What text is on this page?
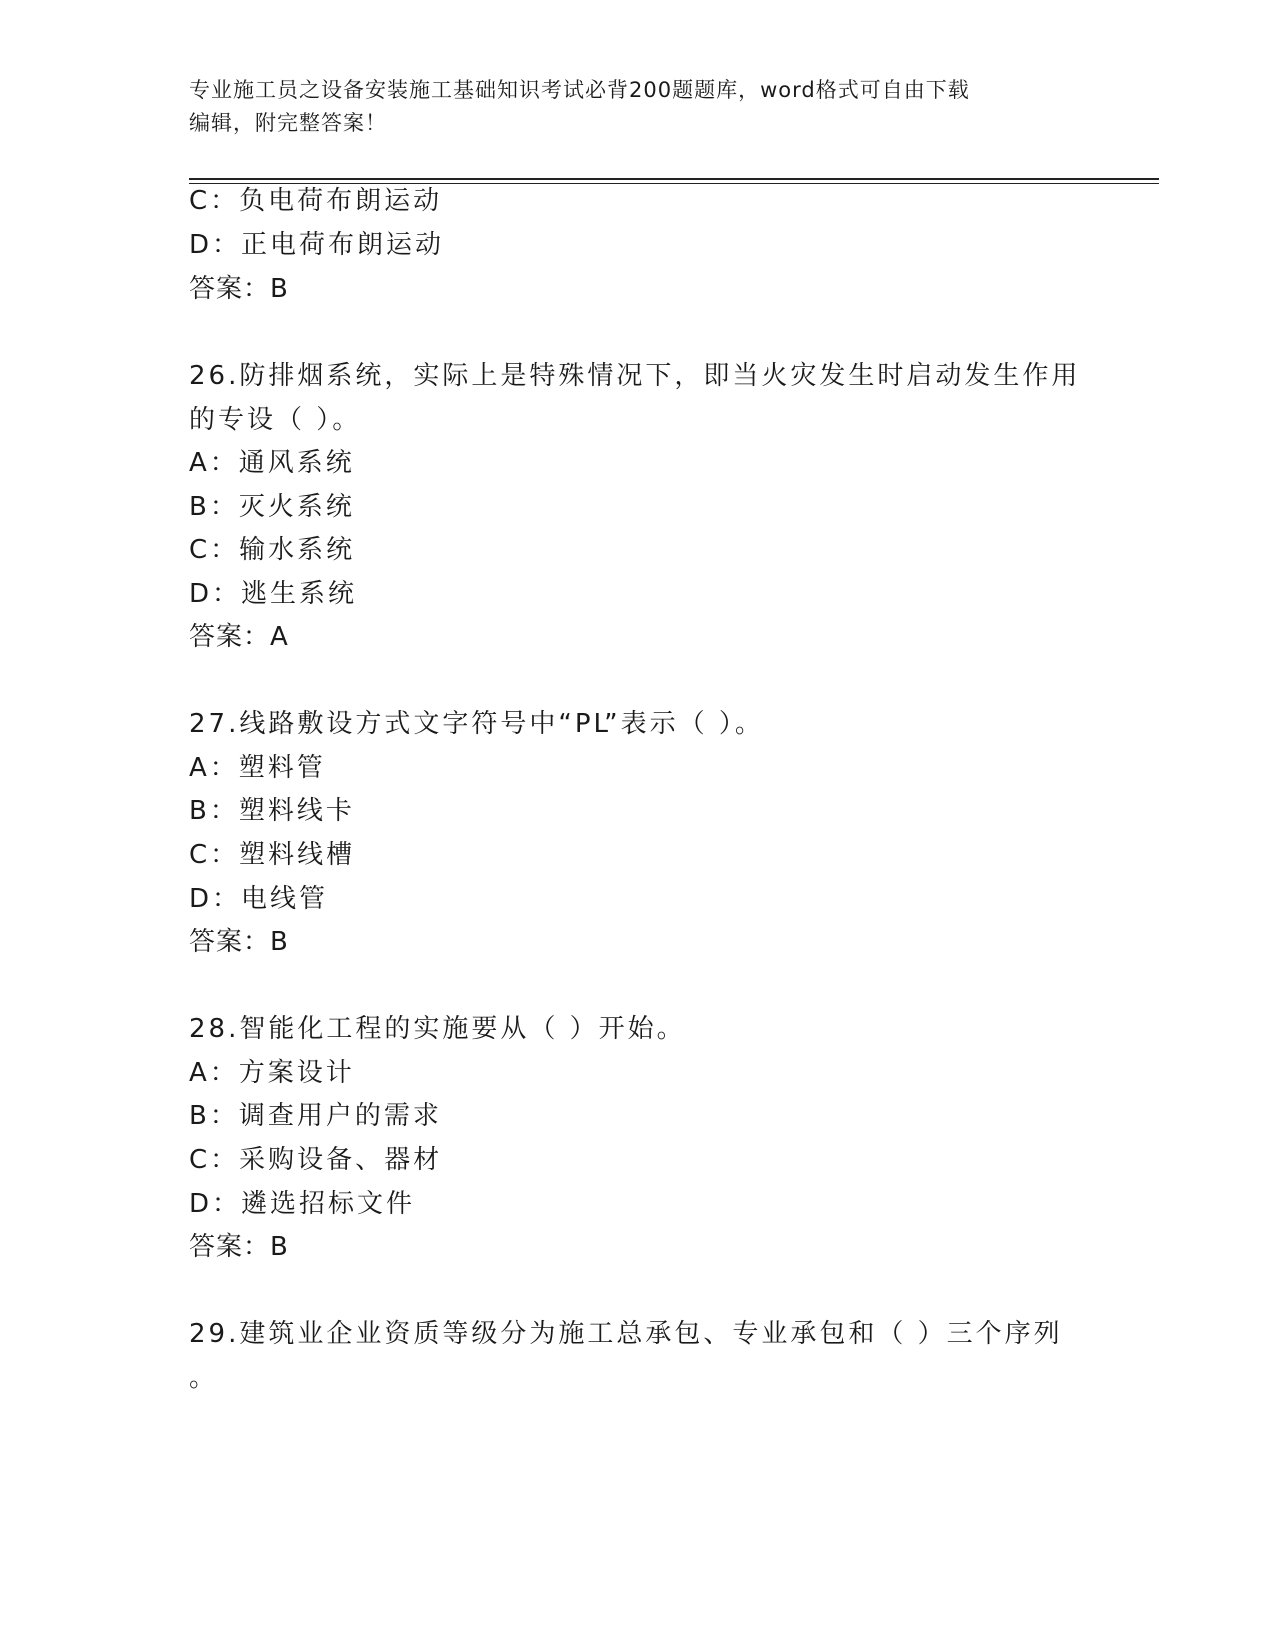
专业施工员之设备安装施工基础知识考试必背200题题库，word格式可自由下载
编辑，附完整答案！
C：负电荷布朗运动
D：正电荷布朗运动
答案：B
26.防排烟系统，实际上是特殊情况下，即当火灾发生时启动发生作用
的专设（ ）。
A：通风系统
B：灭火系统
C：输水系统
D：逃生系统
答案：A
27.线路敷设方式文字符号中“PL”表示（ ）。
A：塑料管
B：塑料线卡
C：塑料线槽
D：电线管
答案：B
28.智能化工程的实施要从（ ）开始。
A：方案设计
B：调查用户的需求
C：采购设备、器材
D：遴选招标文件
答案：B
29.建筑业企业资质等级分为施工总承包、专业承包和（ ）三个序列
。
